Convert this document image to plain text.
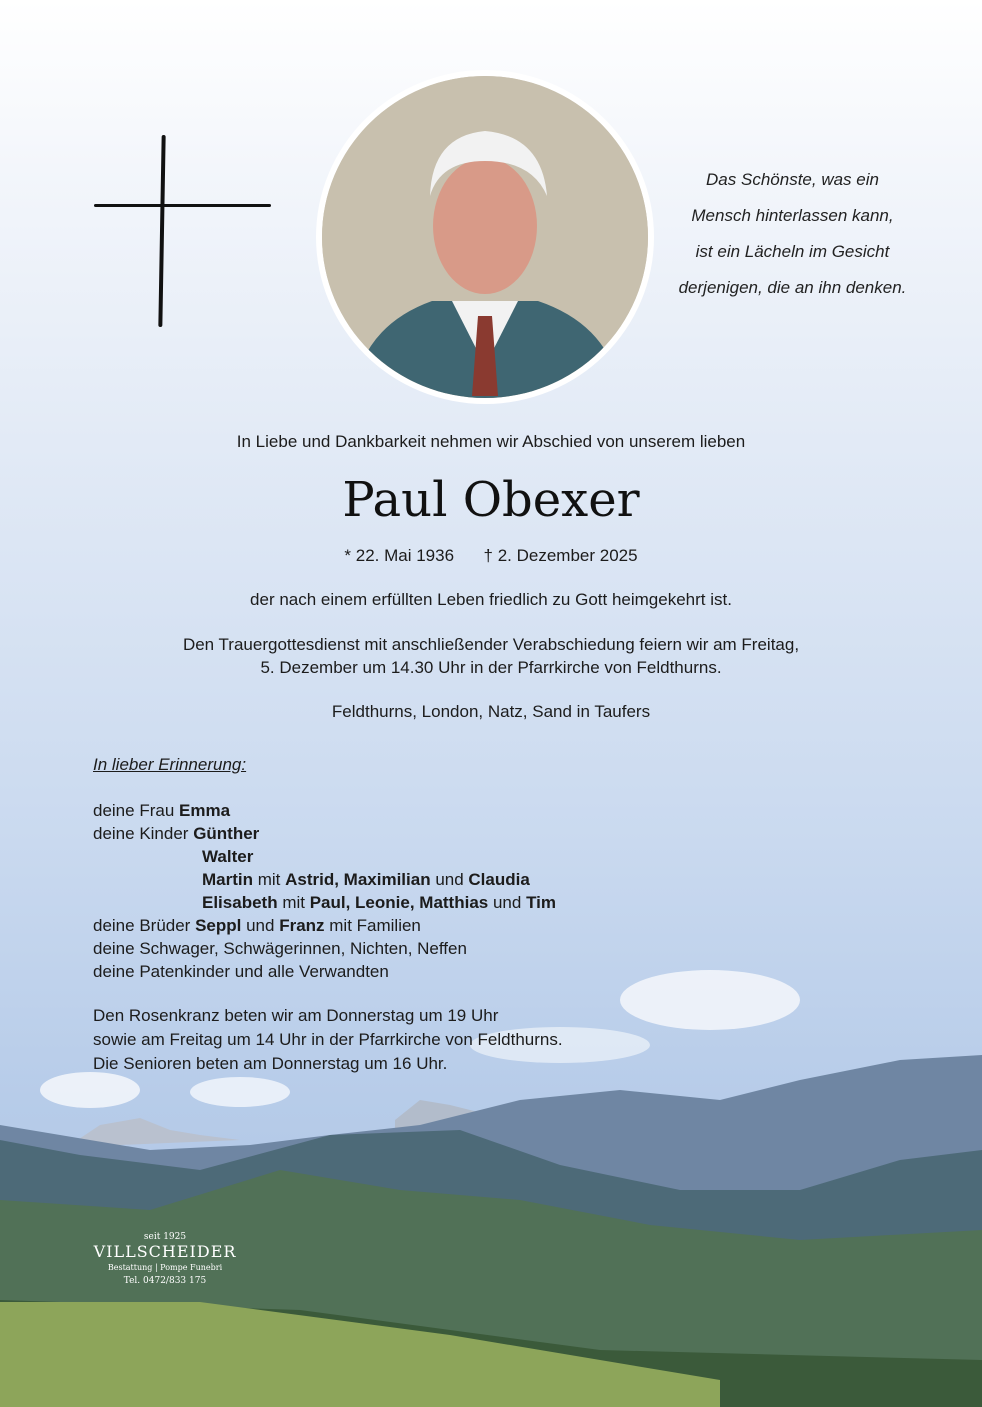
Das Schönste, was ein
Mensch hinterlassen kann,
ist ein Lächeln im Gesicht
derjenigen, die an ihn denken.
In Liebe und Dankbarkeit nehmen wir Abschied von unserem lieben
Paul Obexer
* 22. Mai 1936 † 2. Dezember 2025
der nach einem erfüllten Leben friedlich zu Gott heimgekehrt ist.
Den Trauergottesdienst mit anschließender Verabschiedung feiern wir am Freitag,
5. Dezember um 14.30 Uhr in der Pfarrkirche von Feldthurns.
Feldthurns, London, Natz, Sand in Taufers
In lieber Erinnerung:
deine Frau Emma
deine Kinder Günther
Walter
Martin mit Astrid, Maximilian und Claudia
Elisabeth mit Paul, Leonie, Matthias und Tim
deine Brüder Seppl und Franz mit Familien
deine Schwager, Schwägerinnen, Nichten, Neffen
deine Patenkinder und alle Verwandten
Den Rosenkranz beten wir am Donnerstag um 19 Uhr
sowie am Freitag um 14 Uhr in der Pfarrkirche von Feldthurns.
Die Senioren beten am Donnerstag um 16 Uhr.
seit 1925
VILLSCHEIDER
Bestattung | Pompe Funebri
Tel. 0472/833 175
